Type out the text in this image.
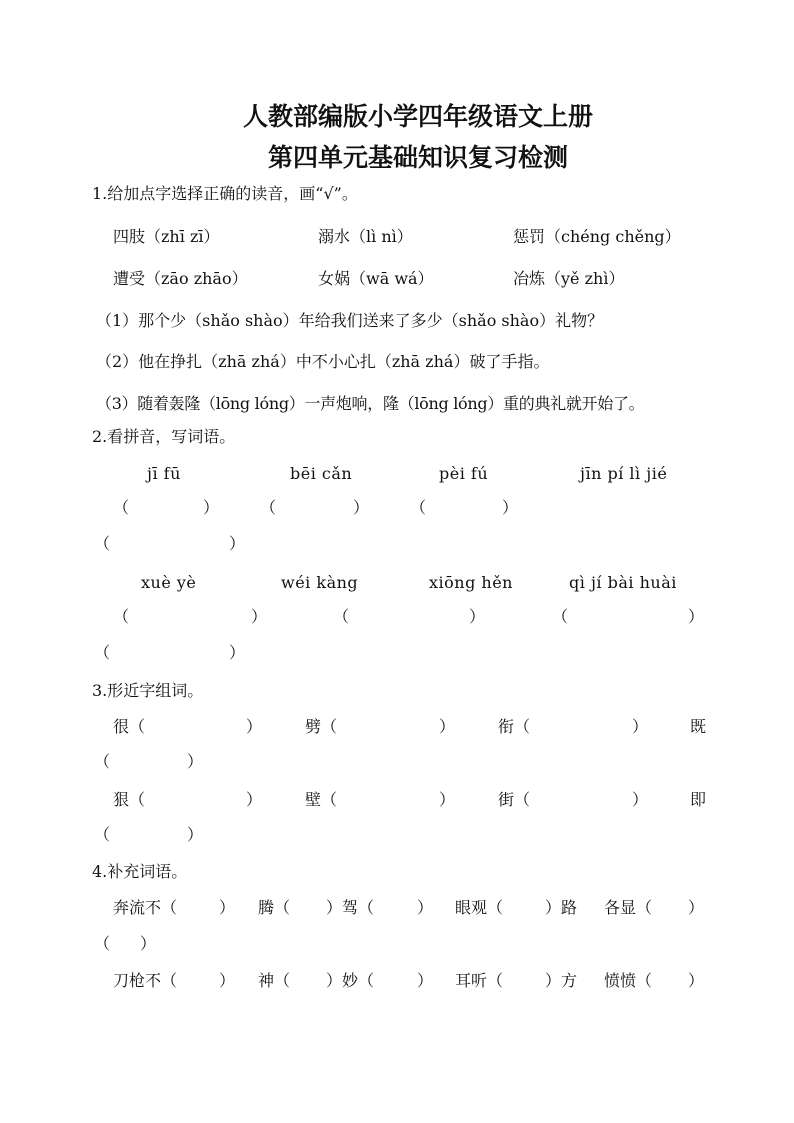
人教部编版小学四年级语文上册
第四单元基础知识复习检测
1.给加点字选择正确的读音，画“√”。
四肢（zhī zī）	溺水（lì nì）	惩罚（chéng chěng）
遭受（zāo zhāo）	女娲（wā wá）	冶炼（yě zhì）
（1）那个少（shǎo shào）年给我们送来了多少（shǎo shào）礼物？
（2）他在挣扎（zhā zhá）中不小心扎（zhā zhá）破了手指。
（3）随着轰隆（lōng lóng）一声炮响，隆（lōng lóng）重的典礼就开始了。
2.看拼音，写词语。
jī fū	bēi cǎn	pèi fú	jīn pí lì jié
（	）	（	）	（	）
（	）
xuè yè	wéi kàng	xiōng hěn	qì jí bài huài
（	）	（	）	（	）
（	）
3.形近字组词。
很（	）	劈（	）	衔（	）	既
（	）
狠（	）	壁（	）	街（	）	即
（	）
4.补充词语。
奔流不（	） 腾（ ）驾（	） 眼观（	）路 各显（ ）
（ ）
刀枪不（	） 神（ ）妙（	） 耳听（	）方 愤愤（ ）
